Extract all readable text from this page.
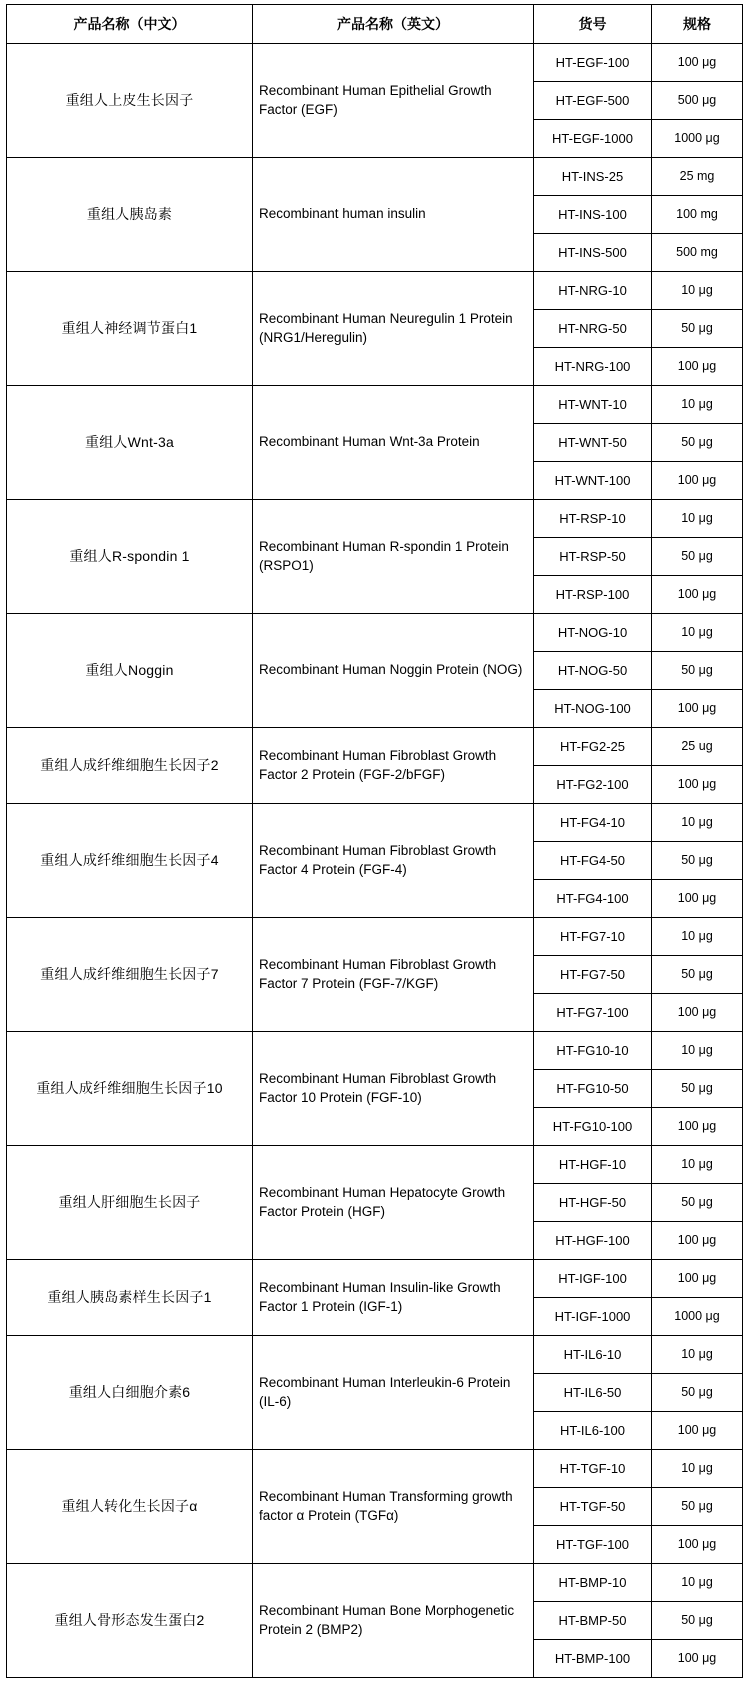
产品名称（中文）	产品名称（英文）	货号	规格
重组人上皮生长因子	Recombinant Human Epithelial Growth Factor (EGF)	HT-EGF-100	100 μg
		HT-EGF-500	500 μg
		HT-EGF-1000	1000 μg
重组人胰岛素	Recombinant human insulin	HT-INS-25	25 mg
		HT-INS-100	100 mg
		HT-INS-500	500 mg
重组人神经调节蛋白1	Recombinant Human Neuregulin 1 Protein (NRG1/Heregulin)	HT-NRG-10	10 μg
		HT-NRG-50	50 μg
		HT-NRG-100	100 μg
重组人Wnt-3a	Recombinant Human Wnt-3a Protein	HT-WNT-10	10 μg
		HT-WNT-50	50 μg
		HT-WNT-100	100 μg
重组人R-spondin 1	Recombinant Human R-spondin 1 Protein (RSPO1)	HT-RSP-10	10 μg
		HT-RSP-50	50 μg
		HT-RSP-100	100 μg
重组人Noggin	Recombinant Human Noggin Protein (NOG)	HT-NOG-10	10 μg
		HT-NOG-50	50 μg
		HT-NOG-100	100 μg
重组人成纤维细胞生长因子2	Recombinant Human Fibroblast Growth Factor 2 Protein (FGF-2/bFGF)	HT-FG2-25	25 ug
		HT-FG2-100	100 μg
重组人成纤维细胞生长因子4	Recombinant Human Fibroblast Growth Factor 4 Protein (FGF-4)	HT-FG4-10	10 μg
		HT-FG4-50	50 μg
		HT-FG4-100	100 μg
重组人成纤维细胞生长因子7	Recombinant Human Fibroblast Growth Factor 7 Protein (FGF-7/KGF)	HT-FG7-10	10 μg
		HT-FG7-50	50 μg
		HT-FG7-100	100 μg
重组人成纤维细胞生长因子10	Recombinant Human Fibroblast Growth Factor 10 Protein (FGF-10)	HT-FG10-10	10 μg
		HT-FG10-50	50 μg
		HT-FG10-100	100 μg
重组人肝细胞生长因子	Recombinant Human Hepatocyte Growth Factor Protein (HGF)	HT-HGF-10	10 μg
		HT-HGF-50	50 μg
		HT-HGF-100	100 μg
重组人胰岛素样生长因子1	Recombinant Human Insulin-like Growth Factor 1 Protein (IGF-1)	HT-IGF-100	100 μg
		HT-IGF-1000	1000 μg
重组人白细胞介素6	Recombinant Human Interleukin-6 Protein (IL-6)	HT-IL6-10	10 μg
		HT-IL6-50	50 μg
		HT-IL6-100	100 μg
重组人转化生长因子α	Recombinant Human Transforming growth factor α Protein (TGFα)	HT-TGF-10	10 μg
		HT-TGF-50	50 μg
		HT-TGF-100	100 μg
重组人骨形态发生蛋白2	Recombinant Human Bone Morphogenetic Protein 2 (BMP2)	HT-BMP-10	10 μg
		HT-BMP-50	50 μg
		HT-BMP-100	100 μg
